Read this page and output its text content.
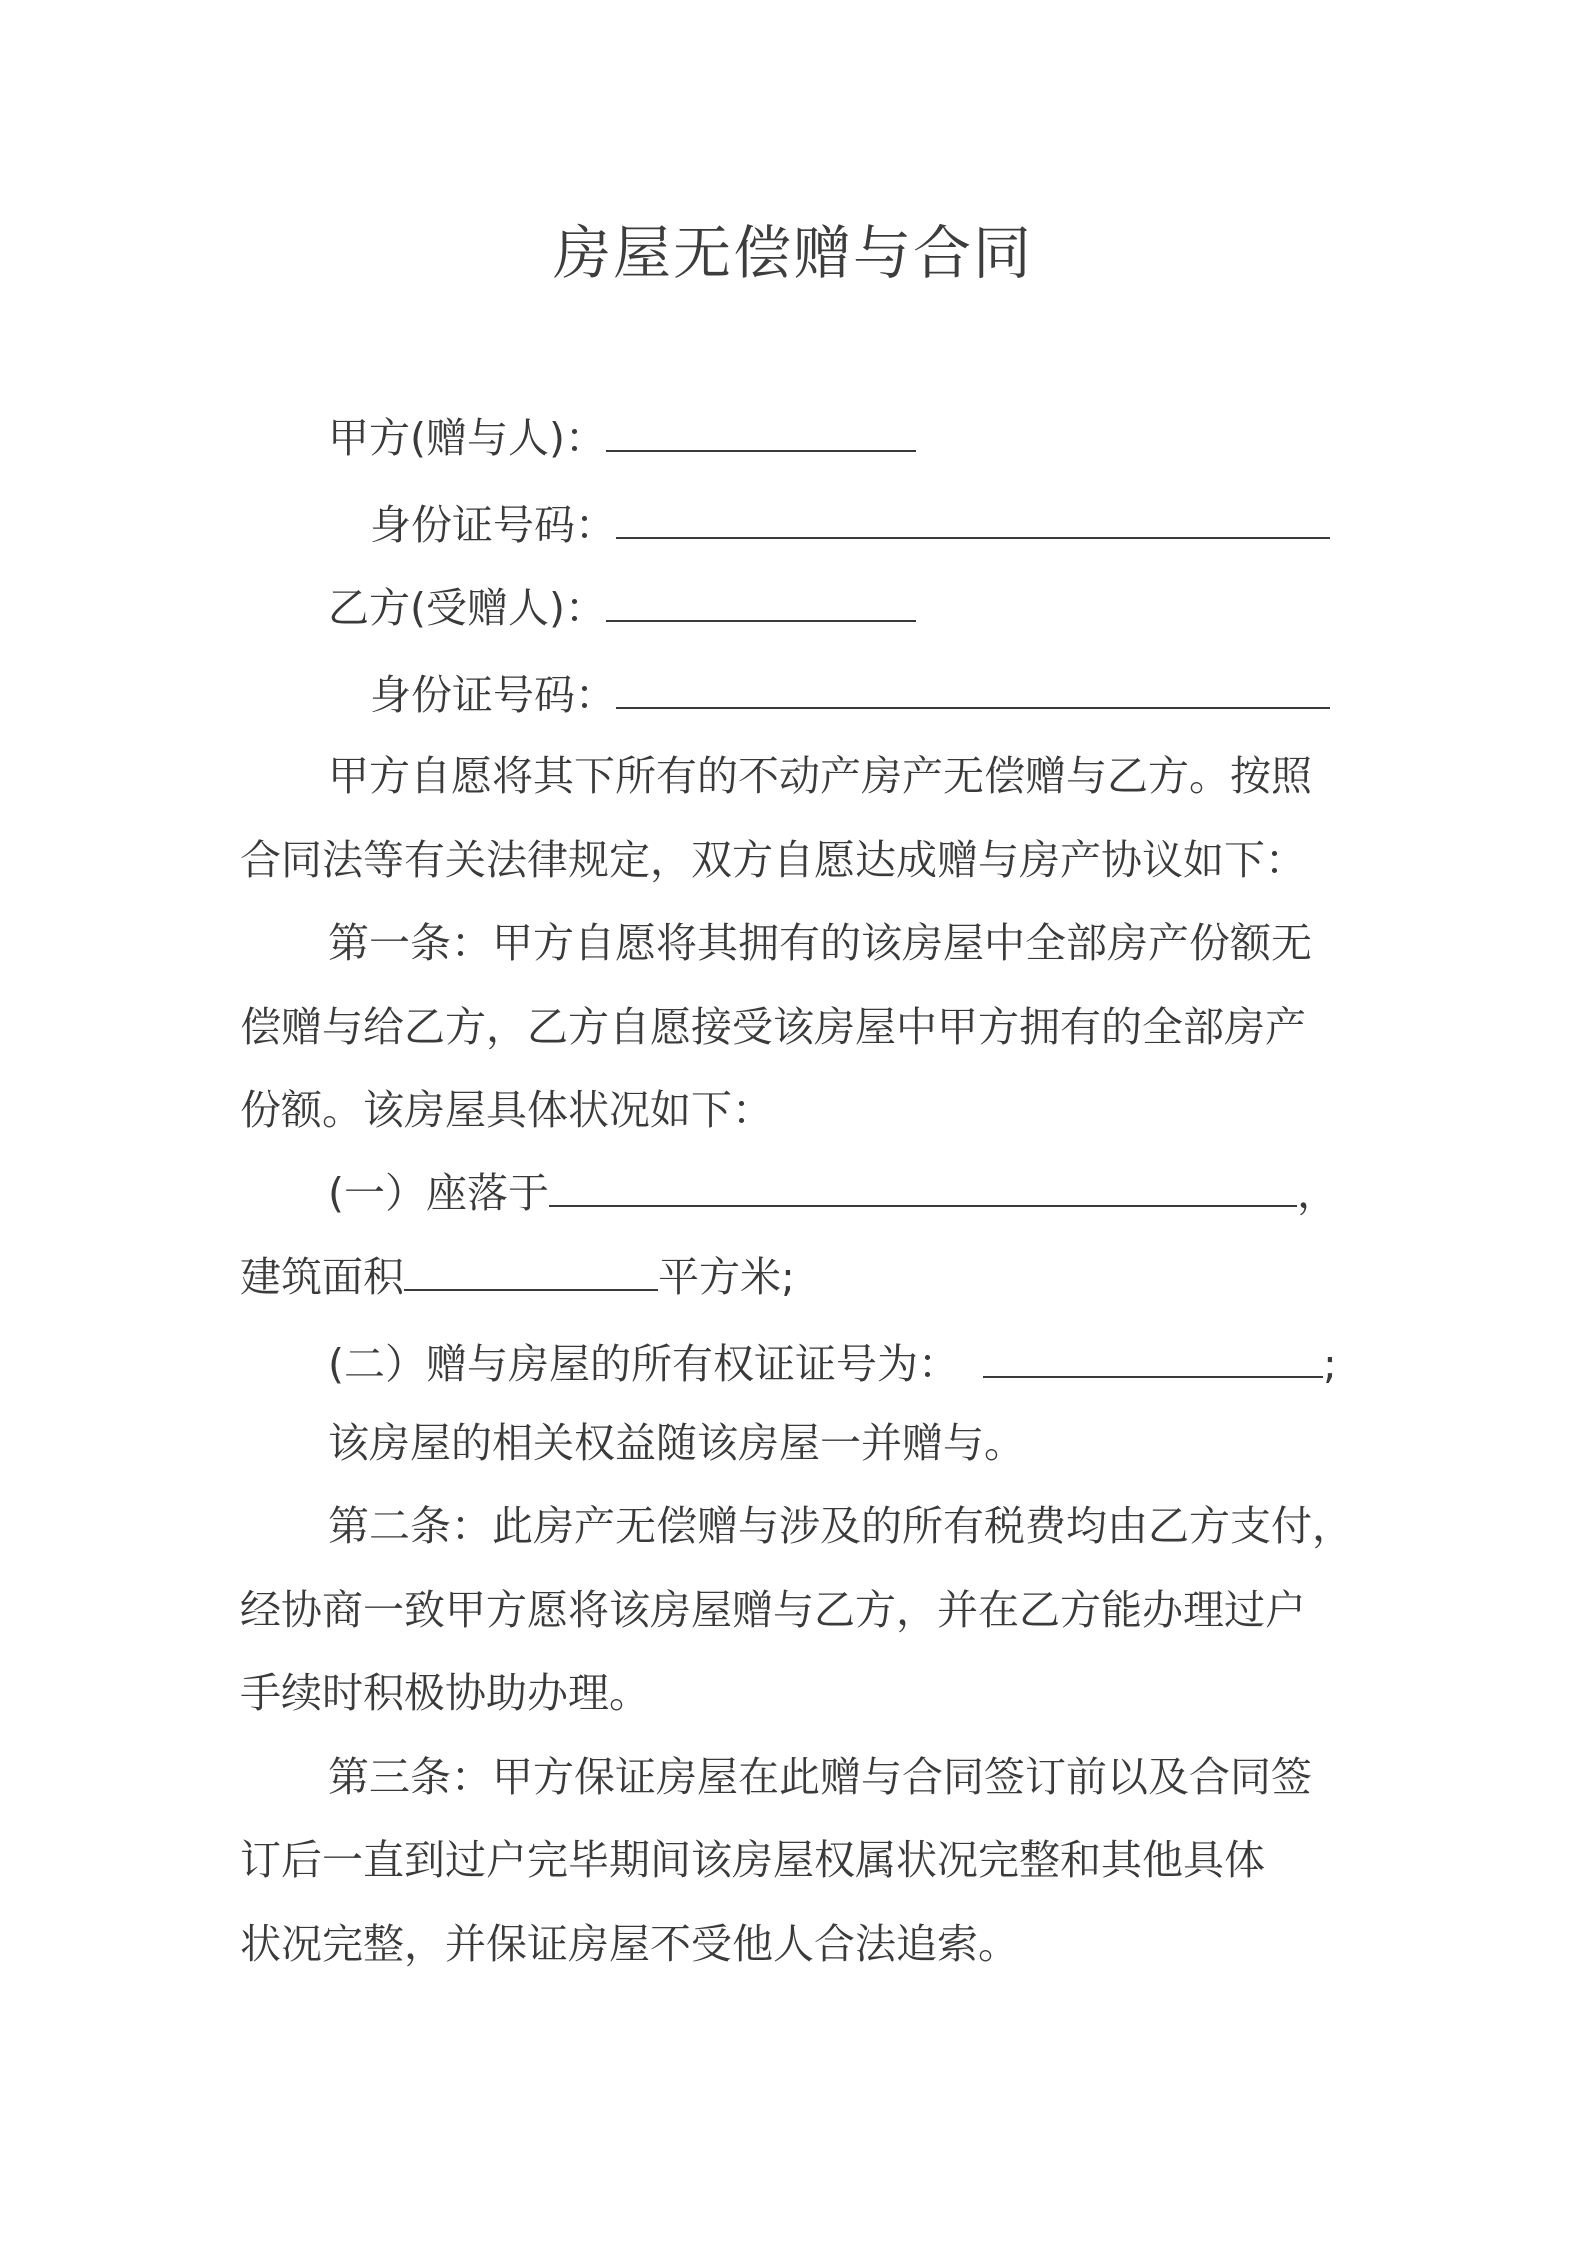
房屋无偿赠与合同
甲方(赠与人)：
身份证号码：
乙方(受赠人)：
身份证号码：
甲方自愿将其下所有的不动产房产无偿赠与乙方。按照
合同法等有关法律规定，双方自愿达成赠与房产协议如下：
第一条：甲方自愿将其拥有的该房屋中全部房产份额无
偿赠与给乙方，乙方自愿接受该房屋中甲方拥有的全部房产
份额。该房屋具体状况如下：
(一）座落于	，
建筑面积	平方米;
(二）赠与房屋的所有权证证号为：	;
该房屋的相关权益随该房屋一并赠与。
第二条：此房产无偿赠与涉及的所有税费均由乙方支付，
经协商一致甲方愿将该房屋赠与乙方，并在乙方能办理过户
手续时积极协助办理。
第三条：甲方保证房屋在此赠与合同签订前以及合同签
订后一直到过户完毕期间该房屋权属状况完整和其他具体
状况完整，并保证房屋不受他人合法追索。
